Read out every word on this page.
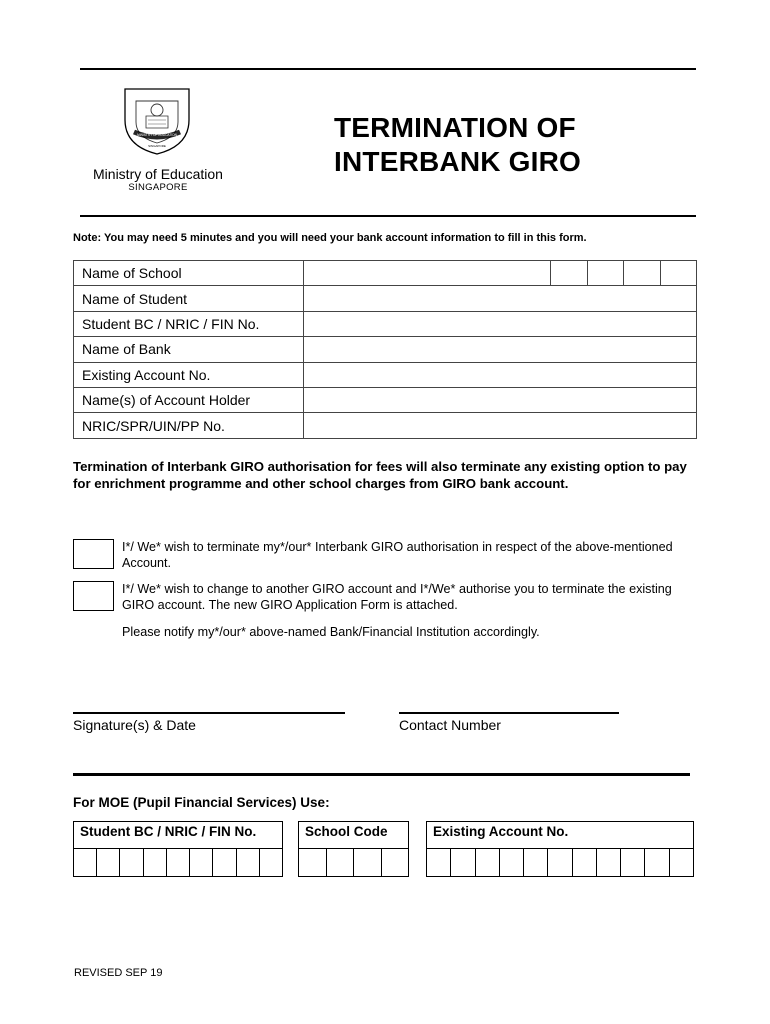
MINISTRY OF EDUCATION
SINGAPORE
Ministry of Education
SINGAPORE
TERMINATION OF
INTERBANK GIRO
Note: You may need 5 minutes and you will need your bank account information to fill in this form.
Name of School	

Name of Student	
Student BC / NRIC / FIN No.	
Name of Bank	
Existing Account No.	
Name(s) of Account Holder	
NRIC/SPR/UIN/PP No.	
Termination of Interbank GIRO authorisation for fees will also terminate any existing option to pay for enrichment programme and other school charges from GIRO bank account.
I*/ We* wish to terminate my*/our* Interbank GIRO authorisation in respect of the above-mentioned Account.
I*/ We* wish to change to another GIRO account and I*/We* authorise you to terminate the existing GIRO account. The new GIRO Application Form is attached.
Please notify my*/our* above-named Bank/Financial Institution accordingly.
Signature(s) & Date	Contact Number
For MOE (Pupil Financial Services) Use:
Student BC / NRIC / FIN No.	School Code	Existing Account No.
REVISED SEP 19
